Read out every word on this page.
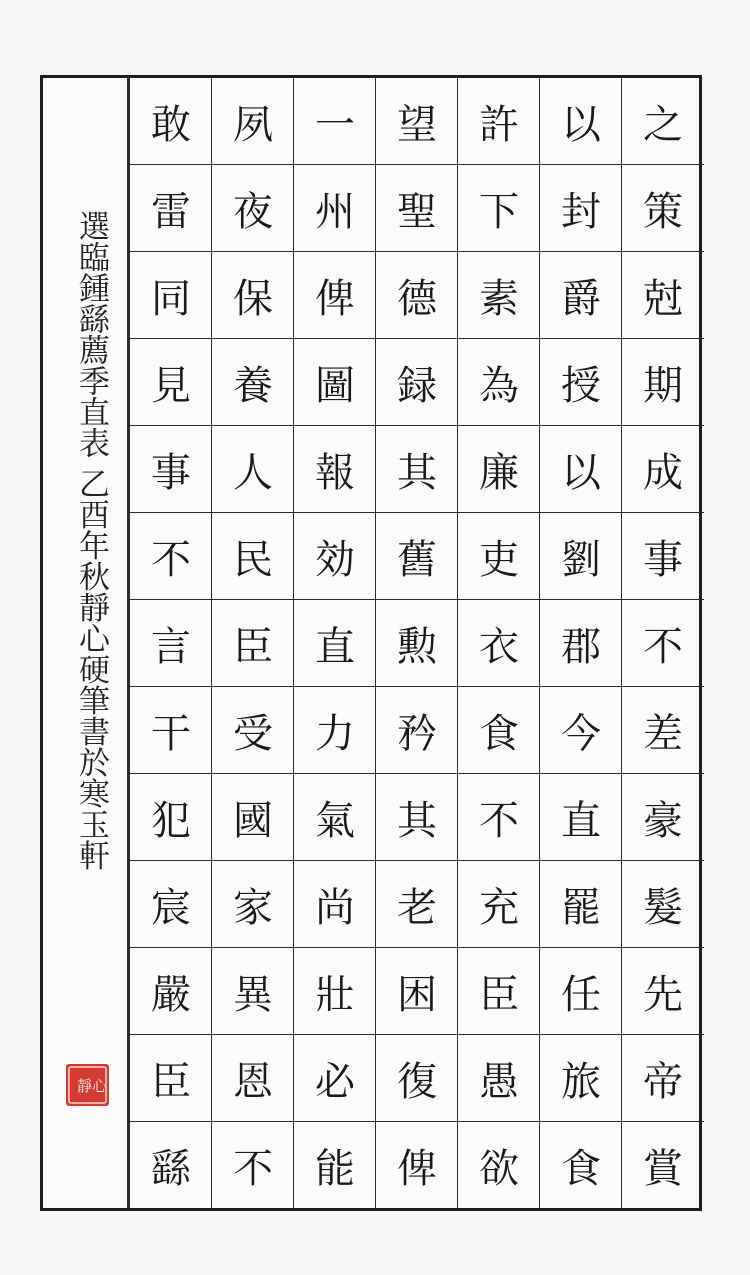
之
策
尅
期
成
事
不
差
豪
髮
先
帝
賞
以
封
爵
授
以
劉
郡
今
直
罷
任
旅
食
許
下
素
為
廉
吏
衣
食
不
充
臣
愚
欲
望
聖
德
録
其
舊
勲
矜
其
老
困
復
俾
一
州
俾
圖
報
効
直
力
氣
尚
壯
必
能
夙
夜
保
養
人
民
臣
受
國
家
異
恩
不
敢
雷
同
見
事
不
言
干
犯
宸
嚴
臣
繇
選臨鍾繇薦季直表 乙酉年秋靜心硬筆書於寒玉軒
靜 心
